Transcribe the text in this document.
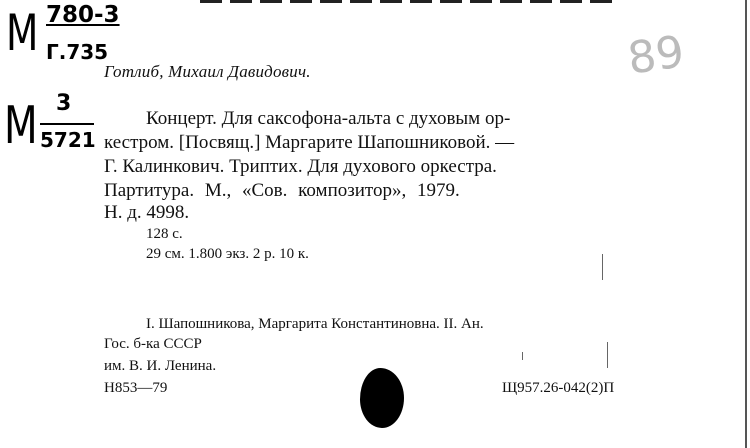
М 780-3
Г.735
М 3
5721
89
Готлиб, Михаил Давидович.
Концерт. Для саксофона-альта с духовым ор-
кестром. [Посвящ.] Маргарите Шапошниковой. —
Г. Калинкович. Триптих. Для духового оркестра.
Партитура. М., «Сов. композитор», 1979.
Н. д. 4998.
128 с.
29 см. 1.800 экз. 2 р. 10 к.
I. Шапошникова, Маргарита Константиновна. II. Ан.
Гос. б-ка СССР
им. В. И. Ленина.
Н853—79	Щ957.26-042(2)П
